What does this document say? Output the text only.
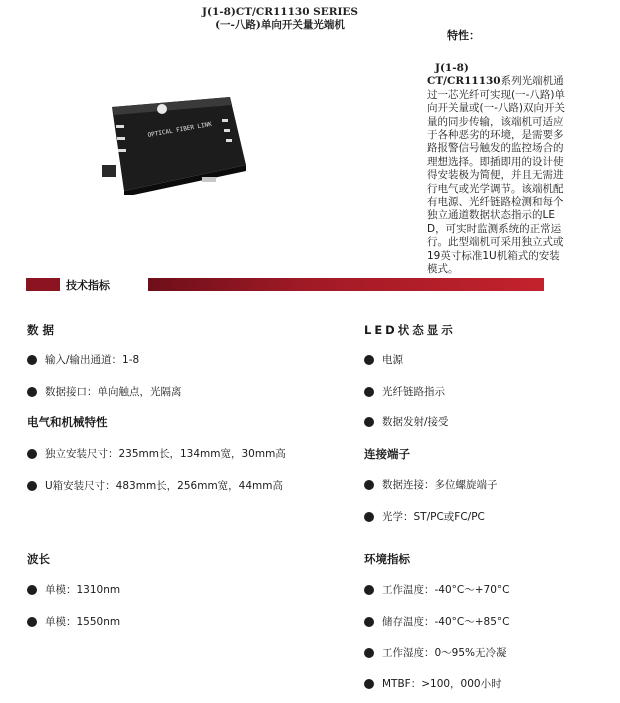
J(1-8)CT/CR11130 SERIES
(一-八路)单向开关量光端机
特性：
J(1-8)
CT/CR11130系列光端机通过一芯光纤可实现(一-八路)单向开关量或(一-八路)双向开关量的同步传输，该端机可适应于各种恶劣的环境，是需要多路报警信号触发的监控场合的理想选择。即插即用的设计使得安装极为简便，并且无需进行电气或光学调节。该端机配有电源、光纤链路检测和每个独立通道数据状态指示的LED，可实时监测系统的正常运行。此型端机可采用独立式或19英寸标准1U机箱式的安装模式。
OPTICAL FIBER LINK
技术指标
数 据
输入/输出通道：1-8
数据接口：单向触点，光隔离
电气和机械特性
独立安装尺寸：235mm长，134mm宽，30mm高
U箱安装尺寸：483mm长，256mm宽，44mm高
波长
单模：1310nm
单模：1550nm
LED状态显示
电源
光纤链路指示
数据发射/接受
连接端子
数据连接：多位螺旋端子
光学：ST/PC或FC/PC
环境指标
工作温度：-40°C～+70°C
储存温度：-40°C～+85°C
工作湿度：0～95%无冷凝
MTBF：>100，000小时
